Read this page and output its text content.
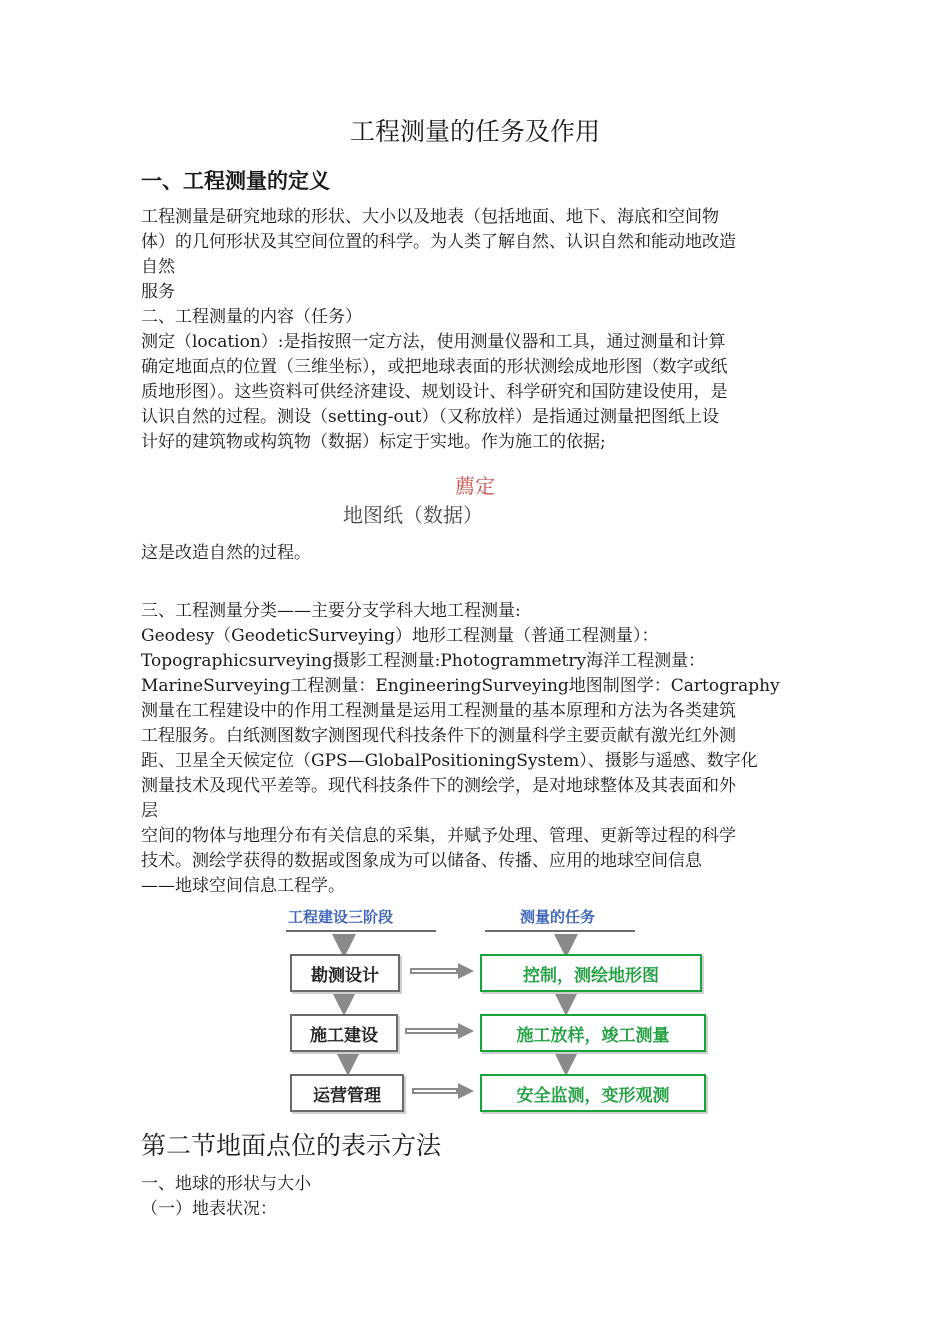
工程测量的任务及作用
一、工程测量的定义
工程测量是研究地球的形状、大小以及地表（包括地面、地下、海底和空间物
体）的几何形状及其空间位置的科学。为人类了解自然、认识自然和能动地改造
自然
服务
二、工程测量的内容（任务）
测定（location）:是指按照一定方法，使用测量仪器和工具，通过测量和计算
确定地面点的位置（三维坐标），或把地球表面的形状测绘成地形图（数字或纸
质地形图）。这些资料可供经济建设、规划设计、科学研究和国防建设使用，是
认识自然的过程。测设（setting-out）（又称放样）是指通过测量把图纸上设
计好的建筑物或构筑物（数据）标定于实地。作为施工的依据;
薦定
地图纸（数据）
这是改造自然的过程。
三、工程测量分类——主要分支学科大地工程测量:
Geodesy（GeodeticSurveying）地形工程测量（普通工程测量）：
Topographicsurveying摄影工程测量:Photogrammetry海洋工程测量：
MarineSurveying工程测量：EngineeringSurveying地图制图学：Cartography
测量在工程建设中的作用工程测量是运用工程测量的基本原理和方法为各类建筑
工程服务。白纸测图数字测图现代科技条件下的测量科学主要贡献有激光红外测
距、卫星全天候定位（GPS—GlobalPositioningSystem）、摄影与遥感、数字化
测量技术及现代平差等。现代科技条件下的测绘学，是对地球整体及其表面和外
层
空间的物体与地理分布有关信息的采集，并赋予处理、管理、更新等过程的科学
技术。测绘学获得的数据或图象成为可以储备、传播、应用的地球空间信息
——地球空间信息工程学。
工程建设三阶段	测量的任务
勘测设计
施工建设
运营管理
控制，测绘地形图
施工放样，竣工测量
安全监测，变形观测
第二节地面点位的表示方法
一、地球的形状与大小
（一）地表状况：
